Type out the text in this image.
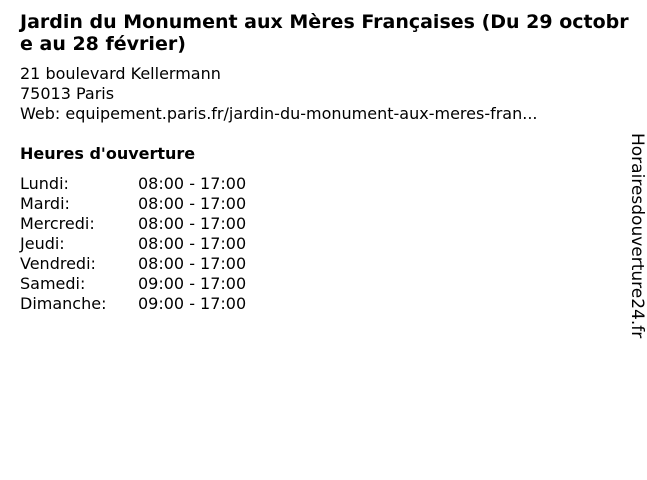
Jardin du Monument aux Mères Françaises (Du 29 octobre au 28 février)
21 boulevard Kellermann
75013 Paris
Web: equipement.paris.fr/jardin-du-monument-aux-meres-fran...
Heures d'ouverture
Lundi:	08:00 - 17:00
Mardi:	08:00 - 17:00
Mercredi:	08:00 - 17:00
Jeudi:	08:00 - 17:00
Vendredi:	08:00 - 17:00
Samedi:	09:00 - 17:00
Dimanche:	09:00 - 17:00	Horairesdouverture24.fr
